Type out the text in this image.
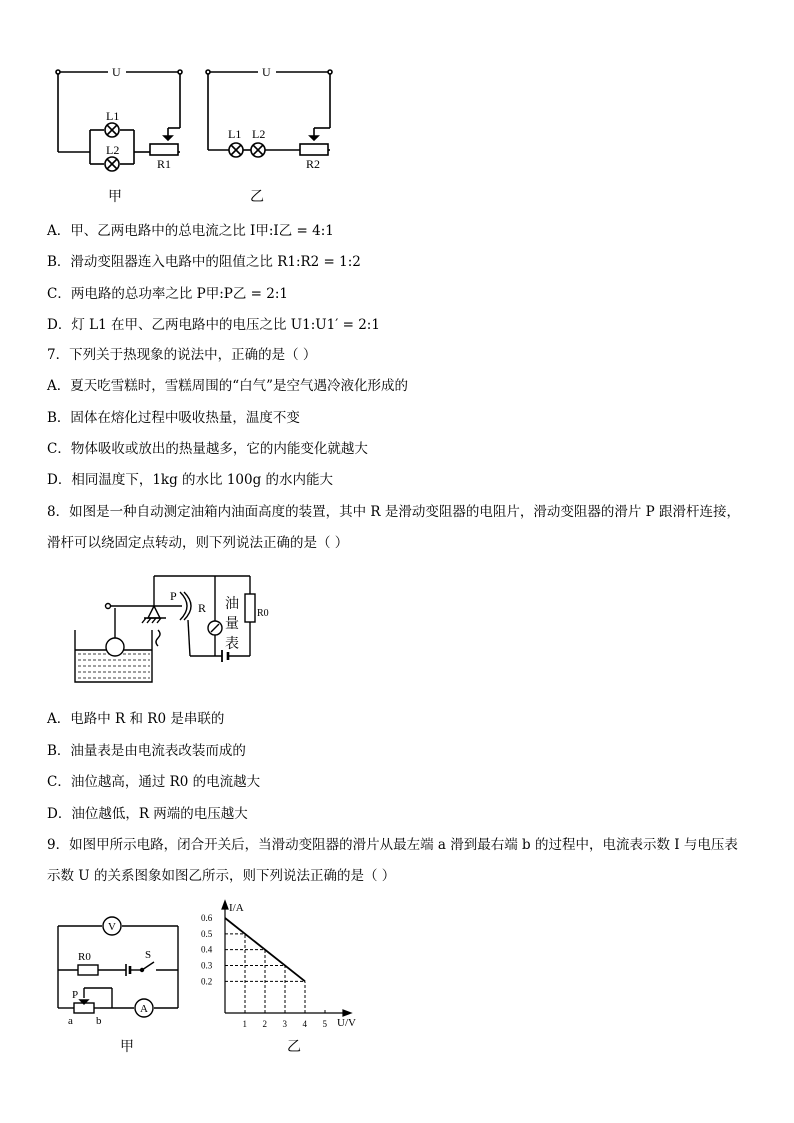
U	U
L1
L2
R1
L1 L2
R2
甲	乙
A．甲、乙两电路中的总电流之比 I甲:I乙 = 4:1
B．滑动变阻器连入电路中的阻值之比 R1:R2 = 1:2
C．两电路的总功率之比 P甲:P乙 = 2:1
D．灯 L1 在甲、乙两电路中的电压之比 U1:U1′ = 2:1
7．下列关于热现象的说法中，正确的是（ ）
A．夏天吃雪糕时，雪糕周围的“白气”是空气遇冷液化形成的
B．固体在熔化过程中吸收热量，温度不变
C．物体吸收或放出的热量越多，它的内能变化就越大
D．相同温度下，1kg 的水比 100g 的水内能大
8．如图是一种自动测定油箱内油面高度的装置，其中 R 是滑动变阻器的电阻片，滑动变阻器的滑片 P 跟滑杆连接，
滑杆可以绕固定点转动，则下列说法正确的是（ ）
P
R	R0
油
量
表
A．电路中 R 和 R0 是串联的
B．油量表是由电流表改装而成的
C．油位越高，通过 R0 的电流越大
D．油位越低，R 两端的电压越大
9．如图甲所示电路，闭合开关后，当滑动变阻器的滑片从最左端 a 滑到最右端 b 的过程中，电流表示数 I 与电压表
示数 U 的关系图象如图乙所示，则下列说法正确的是（ ）
V
R0	S
P
A
a b
甲
0.2
0.3
0.4
0.5
0.6
1 2 3 4 5
I/A
U/V
乙
